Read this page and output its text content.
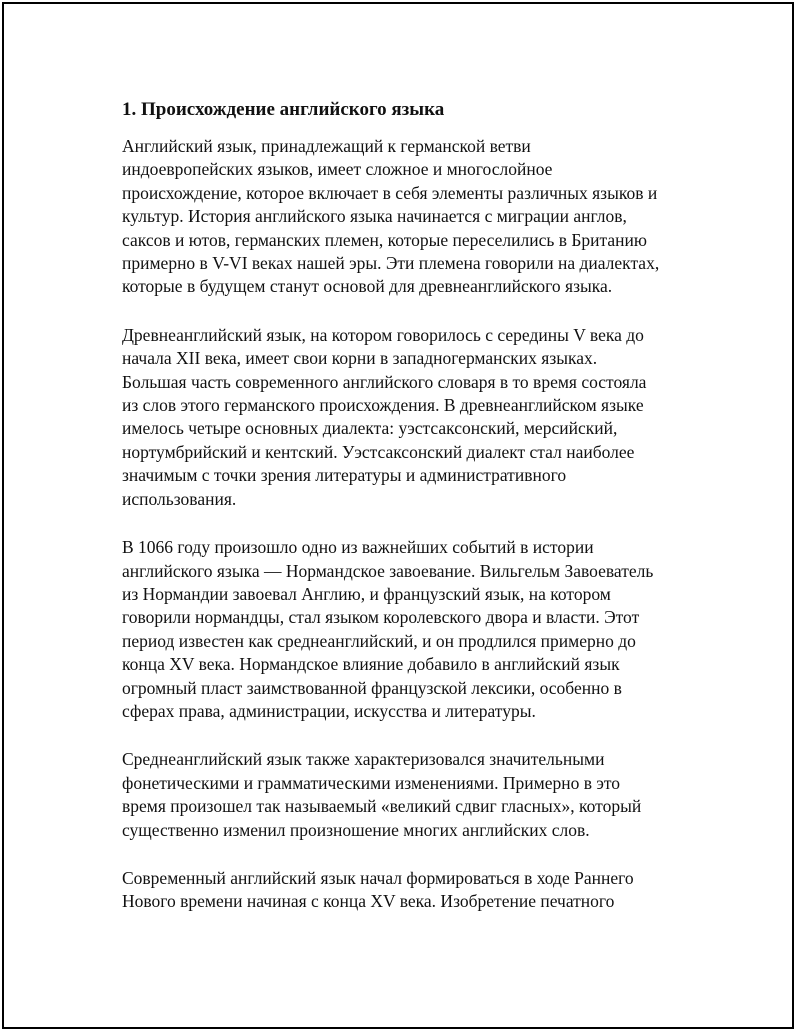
1. Происхождение английского языка

Английский язык, принадлежащий к германской ветви
индоевропейских языков, имеет сложное и многослойное
происхождение, которое включает в себя элементы различных языков и
культур. История английского языка начинается с миграции англов,
саксов и ютов, германских племен, которые переселились в Британию
примерно в V-VI веках нашей эры. Эти племена говорили на диалектах,
которые в будущем станут основой для древнеанглийского языка.

Древнеанглийский язык, на котором говорилось с середины V века до
начала XII века, имеет свои корни в западногерманских языках.
Большая часть современного английского словаря в то время состояла
из слов этого германского происхождения. В древнеанглийском языке
имелось четыре основных диалекта: уэстсаксонский, мерсийский,
нортумбрийский и кентский. Уэстсаксонский диалект стал наиболее
значимым с точки зрения литературы и административного
использования.

В 1066 году произошло одно из важнейших событий в истории
английского языка — Нормандское завоевание. Вильгельм Завоеватель
из Нормандии завоевал Англию, и французский язык, на котором
говорили нормандцы, стал языком королевского двора и власти. Этот
период известен как среднеанглийский, и он продлился примерно до
конца XV века. Нормандское влияние добавило в английский язык
огромный пласт заимствованной французской лексики, особенно в
сферах права, администрации, искусства и литературы.

Среднеанглийский язык также характеризовался значительными
фонетическими и грамматическими изменениями. Примерно в это
время произошел так называемый «великий сдвиг гласных», который
существенно изменил произношение многих английских слов.

Современный английский язык начал формироваться в ходе Раннего
Нового времени начиная с конца XV века. Изобретение печатного
